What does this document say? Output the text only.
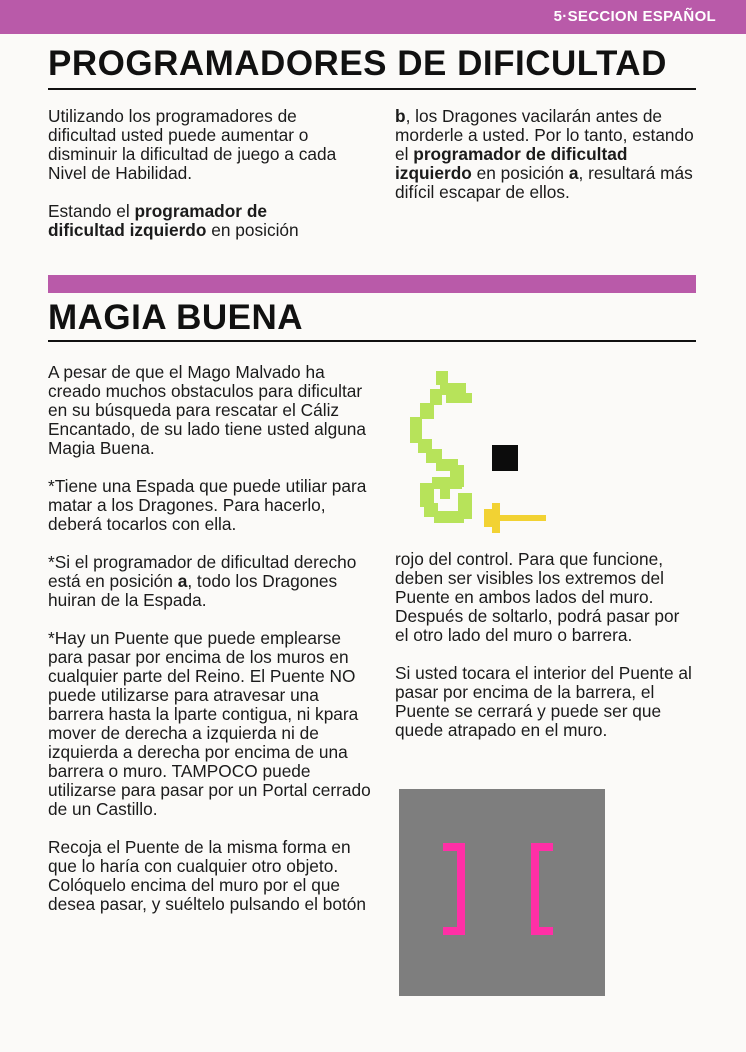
5·SECCION ESPAÑOL
PROGRAMADORES DE DIFICULTAD

Utilizando los programadores de dificultad usted puede aumentar o disminuir la dificultad de juego a cada Nivel de Habilidad.

Estando el programador de dificultad izquierdo en posición

b, los Dragones vacilarán antes de morderle a usted. Por lo tanto, estando el programador de dificultad izquierdo en posición a, resultará más difícil escapar de ellos.

MAGIA BUENA

A pesar de que el Mago Malvado ha creado muchos obstaculos para dificultar en su búsqueda para rescatar el Cáliz Encantado, de su lado tiene usted alguna Magia Buena.

*Tiene una Espada que puede utiliar para matar a los Dragones. Para hacerlo, deberá tocarlos con ella.

*Si el programador de dificultad derecho está en posición a, todo los Dragones huiran de la Espada.

*Hay un Puente que puede emplearse para pasar por encima de los muros en cualquier parte del Reino. El Puente NO puede utilizarse para atravesar una barrera hasta la lparte contigua, ni kpara mover de derecha a izquierda ni de izquierda a derecha por encima de una barrera o muro. TAMPOCO puede utilizarse para pasar por un Portal cerrado de un Castillo.

Recoja el Puente de la misma forma en que lo haría con cualquier otro objeto. Colóquelo encima del muro por el que desea pasar, y suéltelo pulsando el botón

rojo del control. Para que funcione, deben ser visibles los extremos del Puente en ambos lados del muro. Después de soltarlo, podrá pasar por el otro lado del muro o barrera.

Si usted tocara el interior del Puente al pasar por encima de la barrera, el Puente se cerrará y puede ser que quede atrapado en el muro.
